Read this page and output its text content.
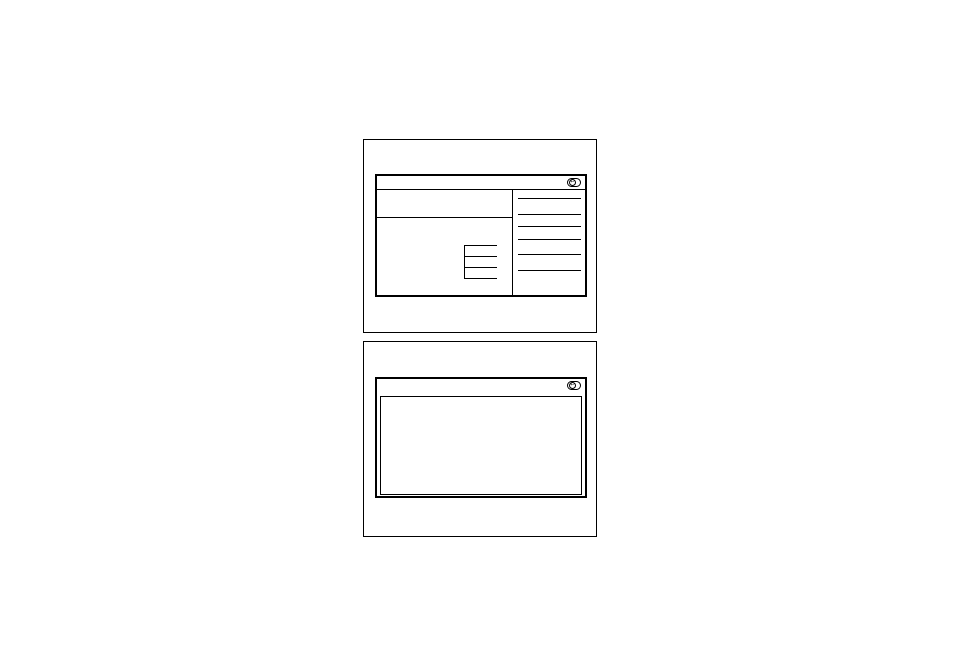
↩
↩
